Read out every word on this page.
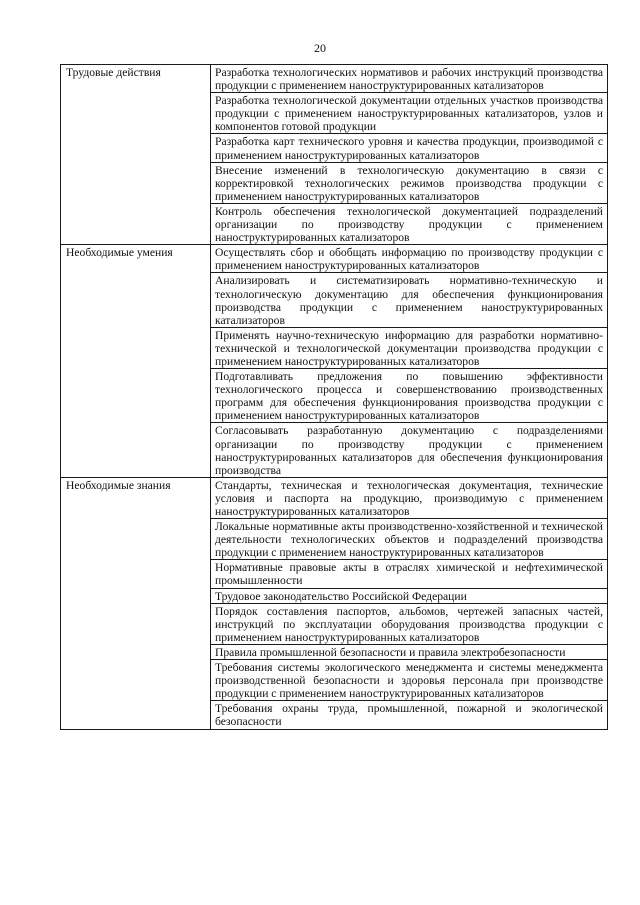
20
Трудовые действия	Разработка технологических нормативов и рабочих инструкций производства продукции с применением наноструктурированных катализаторов
	Разработка технологической документации отдельных участков производства продукции с применением наноструктурированных катализаторов, узлов и компонентов готовой продукции
	Разработка карт технического уровня и качества продукции, производимой с применением наноструктурированных катализаторов
	Внесение изменений в технологическую документацию в связи с корректировкой технологических режимов производства продукции с применением наноструктурированных катализаторов
	Контроль обеспечения технологической документацией подразделений организации по производству продукции с применением наноструктурированных катализаторов
Необходимые умения	Осуществлять сбор и обобщать информацию по производству продукции с применением наноструктурированных катализаторов
	Анализировать и систематизировать нормативно-техническую и технологическую документацию для обеспечения функционирования производства продукции с применением наноструктурированных катализаторов
	Применять научно-техническую информацию для разработки нормативно-технической и технологической документации производства продукции с применением наноструктурированных катализаторов
	Подготавливать предложения по повышению эффективности технологического процесса и совершенствованию производственных программ для обеспечения функционирования производства продукции с применением наноструктурированных катализаторов
	Согласовывать разработанную документацию с подразделениями организации по производству продукции с применением наноструктурированных катализаторов для обеспечения функционирования производства
Необходимые знания	Стандарты, техническая и технологическая документация, технические условия и паспорта на продукцию, производимую с применением наноструктурированных катализаторов
	Локальные нормативные акты производственно-хозяйственной и технической деятельности технологических объектов и подразделений производства продукции с применением наноструктурированных катализаторов
	Нормативные правовые акты в отраслях химической и нефтехимической промышленности
	Трудовое законодательство Российской Федерации
	Порядок составления паспортов, альбомов, чертежей запасных частей, инструкций по эксплуатации оборудования производства продукции с применением наноструктурированных катализаторов
	Правила промышленной безопасности и правила электробезопасности
	Требования системы экологического менеджмента и системы менеджмента производственной безопасности и здоровья персонала при производстве продукции с применением наноструктурированных катализаторов
	Требования охраны труда, промышленной, пожарной и экологической безопасности
